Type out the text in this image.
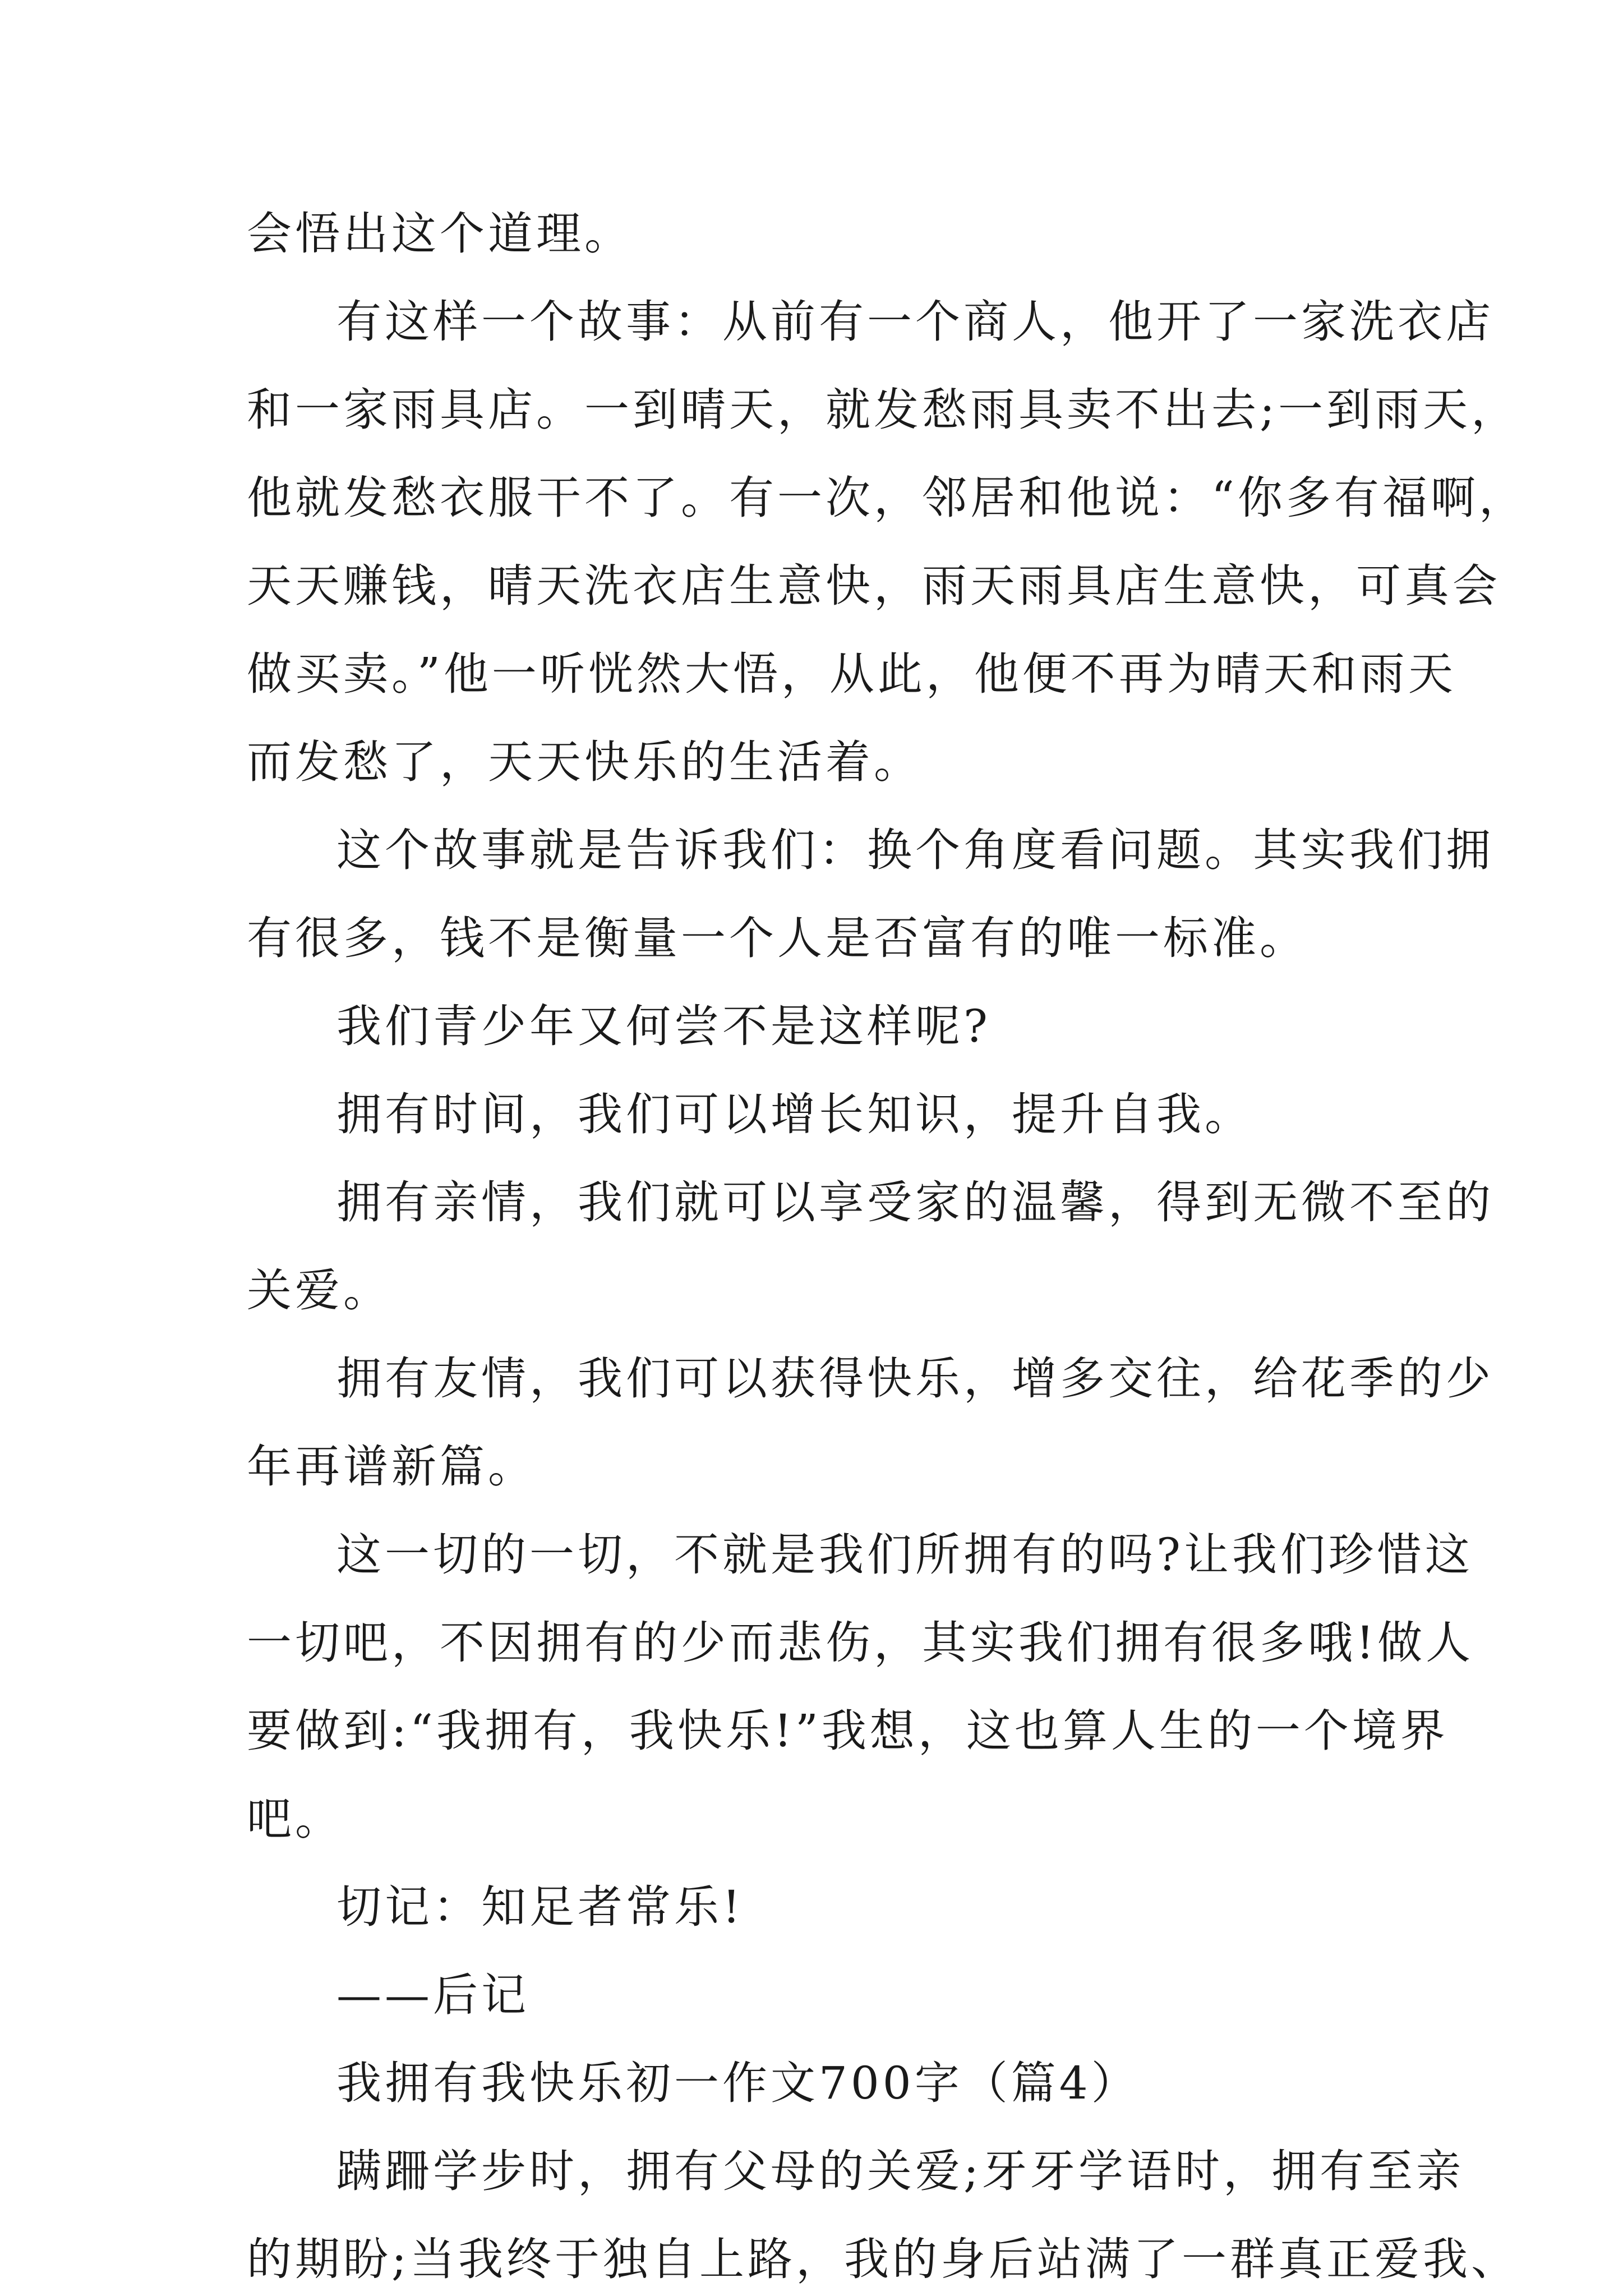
会悟出这个道理。
有这样一个故事：从前有一个商人，他开了一家洗衣店
和一家雨具店。一到晴天，就发愁雨具卖不出去;一到雨天，
他就发愁衣服干不了。有一次，邻居和他说：“你多有福啊，
天天赚钱，晴天洗衣店生意快，雨天雨具店生意快，可真会
做买卖。”他一听恍然大悟，从此，他便不再为晴天和雨天
而发愁了，天天快乐的生活着。
这个故事就是告诉我们：换个角度看问题。其实我们拥
有很多，钱不是衡量一个人是否富有的唯一标准。
我们青少年又何尝不是这样呢?
拥有时间，我们可以增长知识，提升自我。
拥有亲情，我们就可以享受家的温馨，得到无微不至的
关爱。
拥有友情，我们可以获得快乐，增多交往，给花季的少
年再谱新篇。
这一切的一切，不就是我们所拥有的吗?让我们珍惜这
一切吧，不因拥有的少而悲伤，其实我们拥有很多哦!做人
要做到:“我拥有，我快乐!”我想，这也算人生的一个境界
吧。
切记：知足者常乐!
——后记
我拥有我快乐初一作文700字（篇4）
蹒跚学步时，拥有父母的关爱;牙牙学语时，拥有至亲
的期盼;当我终于独自上路，我的身后站满了一群真正爱我、
